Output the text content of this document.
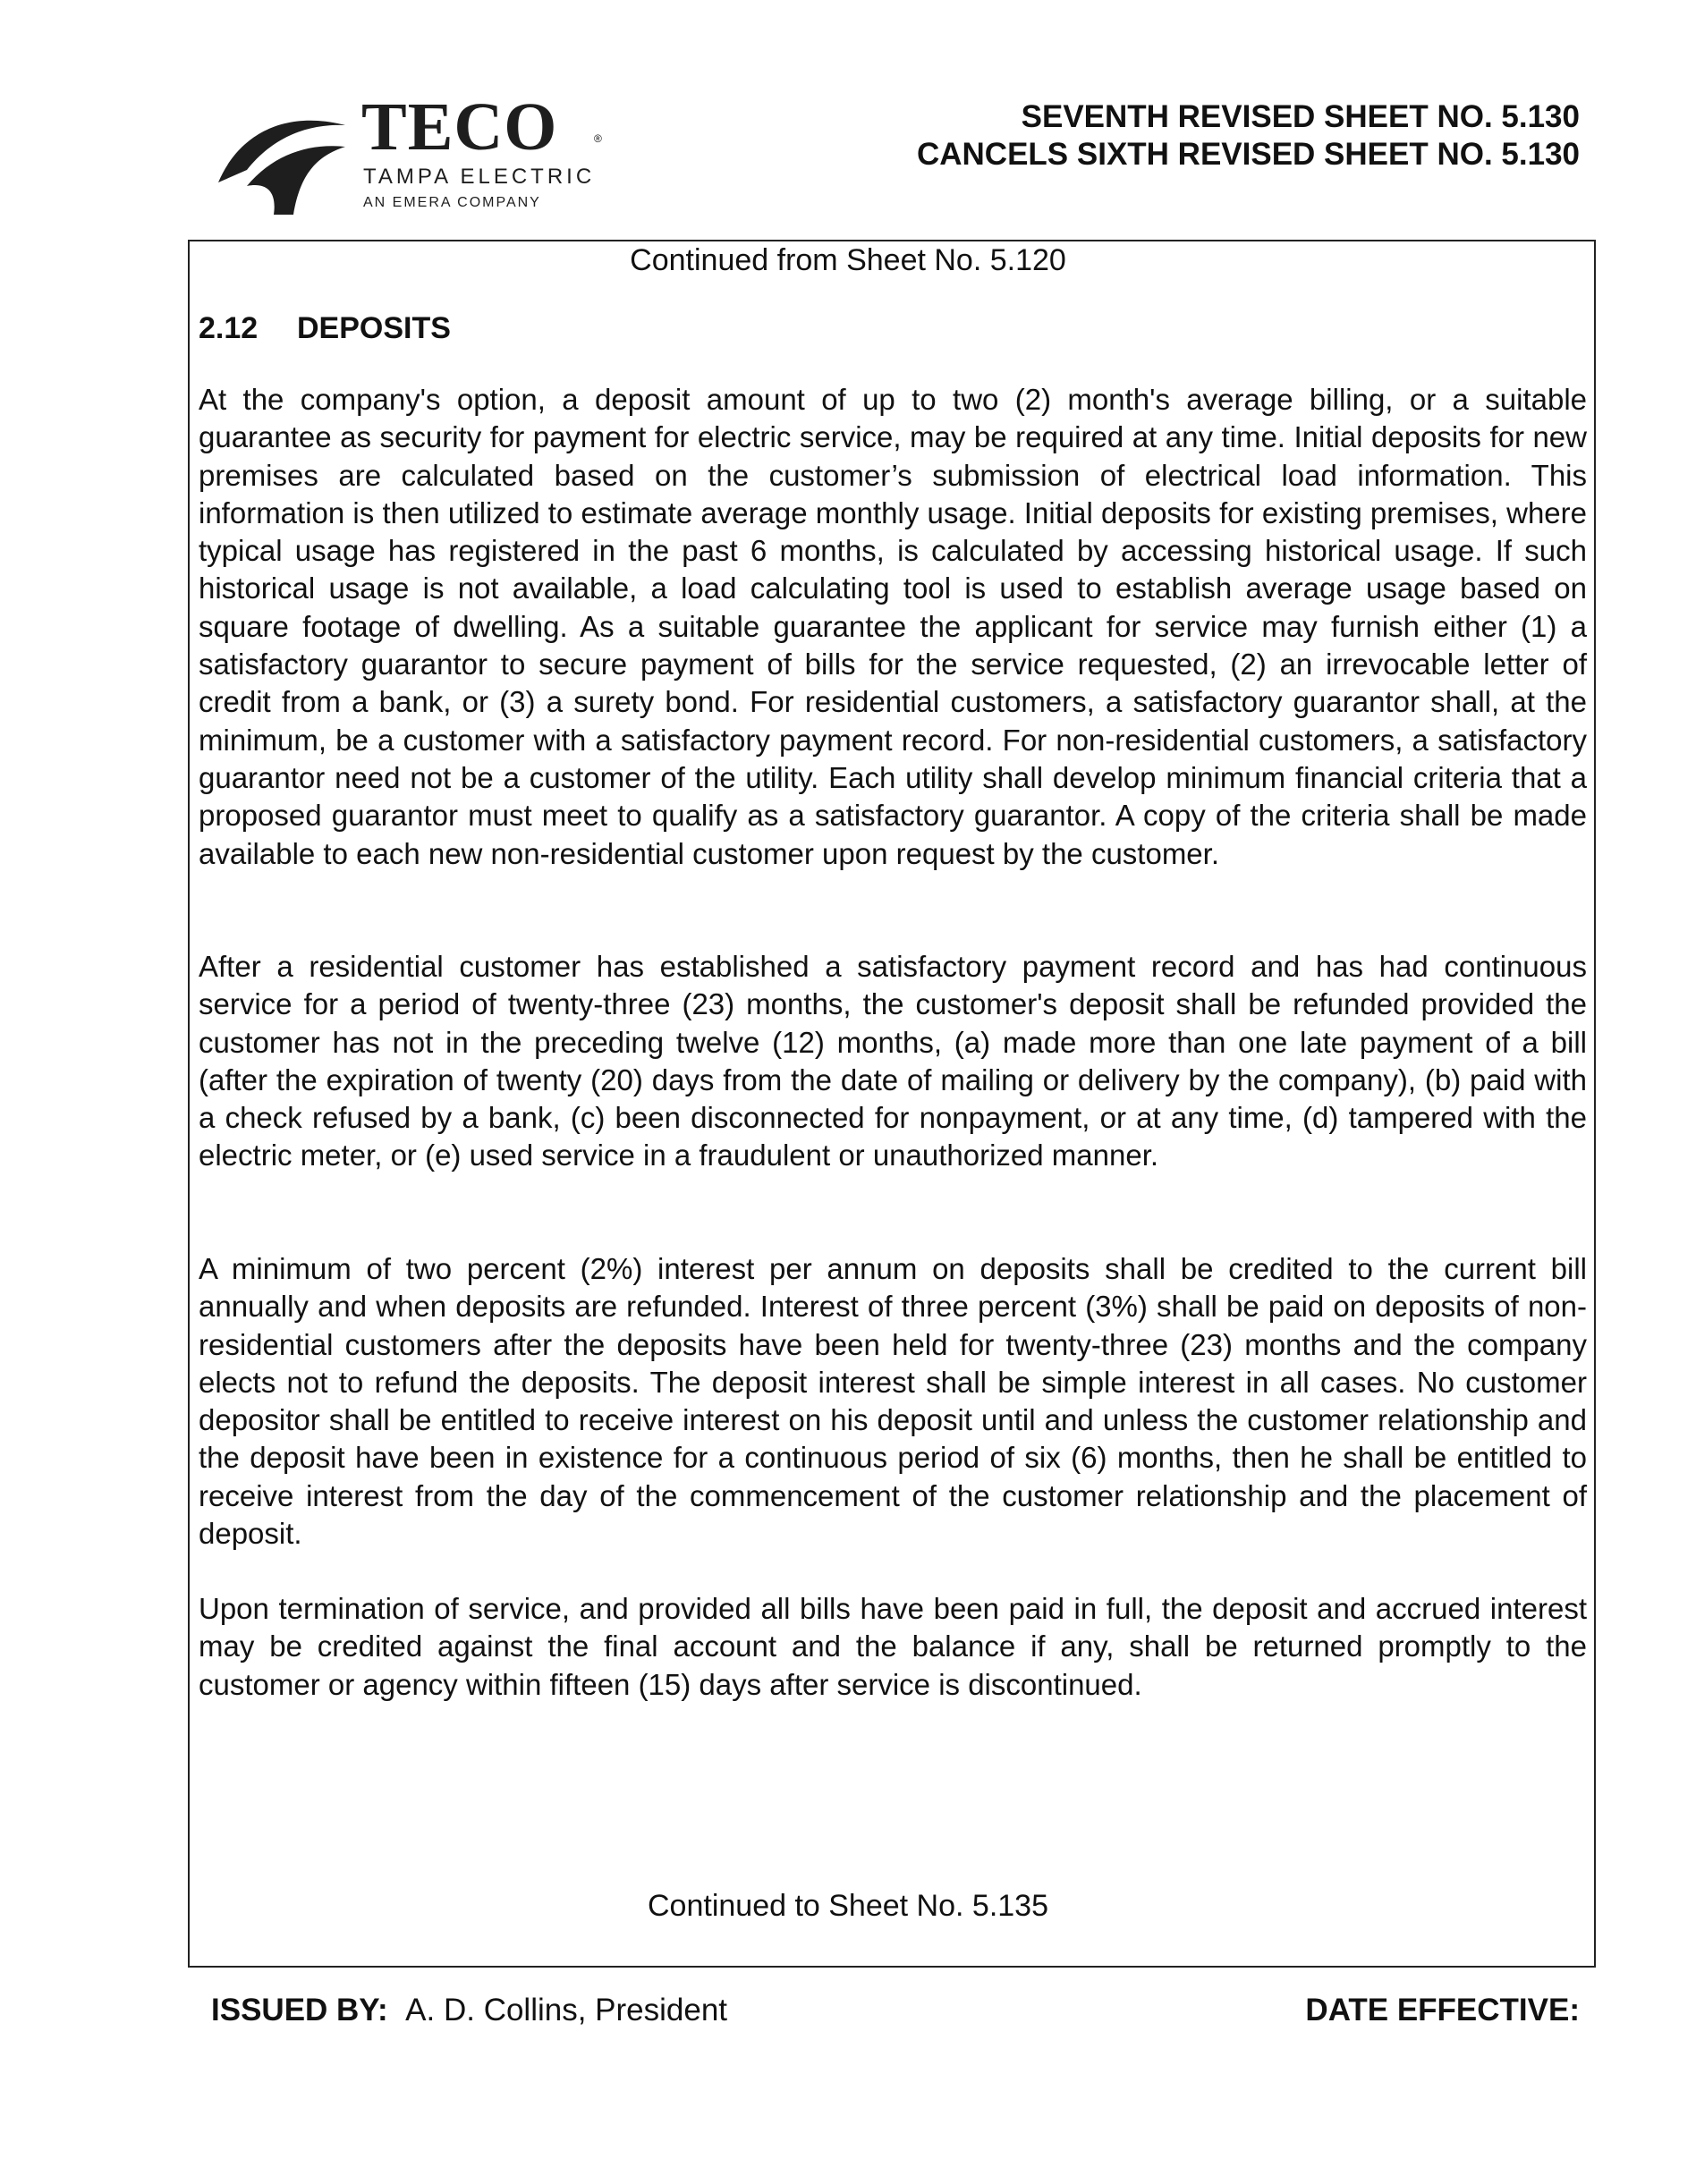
TECO	®
TAMPA ELECTRIC
AN EMERA COMPANY
SEVENTH REVISED SHEET NO. 5.130
CANCELS SIXTH REVISED SHEET NO. 5.130
Continued from Sheet No. 5.120
2.12 DEPOSITS
At the company's option, a deposit amount of up to two (2) month's average billing, or a suitable guarantee as security for payment for electric service, may be required at any time. Initial deposits for new premises are calculated based on the customer’s submission of electrical load information. This information is then utilized to estimate average monthly usage. Initial deposits for existing premises, where typical usage has registered in the past 6 months, is calculated by accessing historical usage. If such historical usage is not available, a load calculating tool is used to establish average usage based on square footage of dwelling. As a suitable guarantee the applicant for service may furnish either (1) a satisfactory guarantor to secure payment of bills for the service requested, (2) an irrevocable letter of credit from a bank, or (3) a surety bond. For residential customers, a satisfactory guarantor shall, at the minimum, be a customer with a satisfactory payment record. For non-residential customers, a satisfactory guarantor need not be a customer of the utility. Each utility shall develop minimum financial criteria that a proposed guarantor must meet to qualify as a satisfactory guarantor. A copy of the criteria shall be made available to each new non-residential customer upon request by the customer.
After a residential customer has established a satisfactory payment record and has had continuous service for a period of twenty-three (23) months, the customer's deposit shall be refunded provided the customer has not in the preceding twelve (12) months, (a) made more than one late payment of a bill (after the expiration of twenty (20) days from the date of mailing or delivery by the company), (b) paid with a check refused by a bank, (c) been disconnected for nonpayment, or at any time, (d) tampered with the electric meter, or (e) used service in a fraudulent or unauthorized manner.
A minimum of two percent (2%) interest per annum on deposits shall be credited to the current bill annually and when deposits are refunded. Interest of three percent (3%) shall be paid on deposits of non-residential customers after the deposits have been held for twenty-three (23) months and the company elects not to refund the deposits. The deposit interest shall be simple interest in all cases. No customer depositor shall be entitled to receive interest on his deposit until and unless the customer relationship and the deposit have been in existence for a continuous period of six (6) months, then he shall be entitled to receive interest from the day of the commencement of the customer relationship and the placement of deposit.
Upon termination of service, and provided all bills have been paid in full, the deposit and accrued interest may be credited against the final account and the balance if any, shall be returned promptly to the customer or agency within fifteen (15) days after service is discontinued.
Continued to Sheet No. 5.135
ISSUED BY: A. D. Collins, President	DATE EFFECTIVE:
